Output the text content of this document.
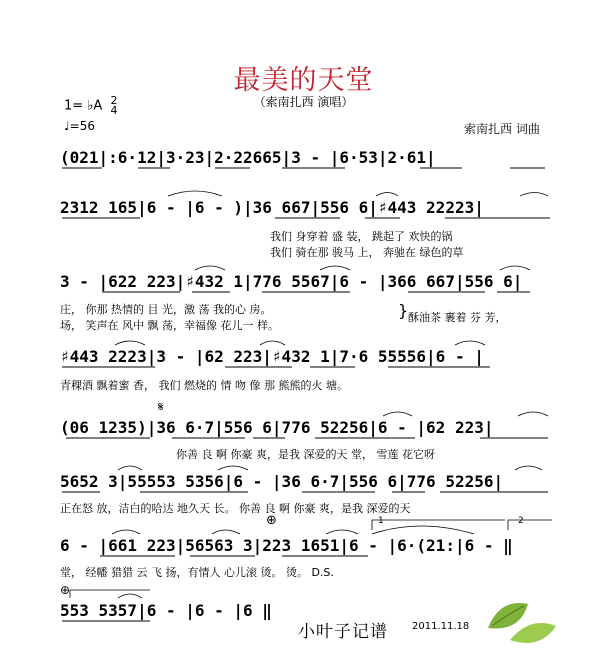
最美的天堂
（索南扎西 演唱）
1= ♭A 2
4
♩=56	索南扎西 词曲
(021|:6·12|3·23|2·22665|3 - |6·53|2·61|
2312 165|6 - |6 - )|36 667|556 6|♯443 22223|
我们 身穿着 盛 装， 跳起了 欢快的锅
我们 骑在那 骏马 上， 奔驰在 绿色的草
3 - |622 223|♯432 1|776 5567|6 - |366 667|556 6|
庄， 你那 热情的 目 光，激 荡 我的心 房。
场， 笑声在 风中 飘 荡，幸福像 花儿一 样。
} 酥油茶 裹着 芬 芳，
♯443 2223|3 - |62 223|♯432 1|7·6 55556|6 - |
青稞酒 飘着蜜 香， 我们 燃烧的 情 吻 像 那 熊熊的火 塘。
𝄋
(06 1235)|36 6·7|556 6|776 52256|6 - |62 223|
你善 良 啊 你豪 爽，是我 深爱的天 堂， 雪莲 花它呀
5652 3|55553 5356|6 - |36 6·7|556 6|776 52256|
正在怒 放，洁白的哈达 地久天 长。 你善 良 啊 你豪 爽，是我 深爱的天
⊕	1	2
6 - |661 223|56563 3|223 1651|6 - |6·(21:|6 - ‖
堂， 经幡 猎猎 云 飞 扬，有情人 心儿滚 烫。 烫。 D.S.
⊕
553 5357|6 - |6 - |6 ‖
小叶子记谱 2011.11.18
